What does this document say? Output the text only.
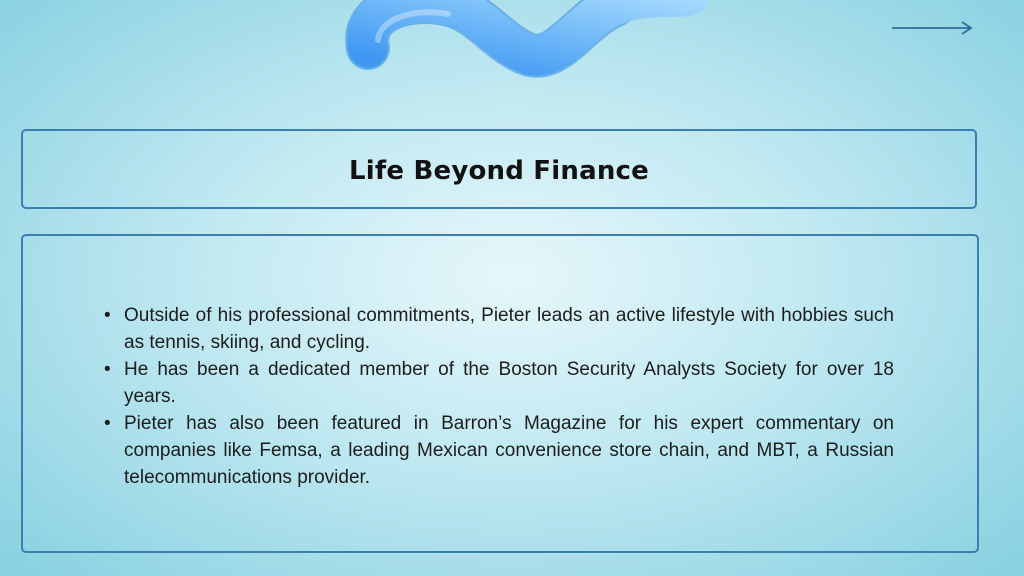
Life Beyond Finance
• Outside of his professional commitments, Pieter leads an active lifestyle with hobbies such as tennis, skiing, and cycling.
• He has been a dedicated member of the Boston Security Analysts Society for over 18 years.
• Pieter has also been featured in Barron’s Magazine for his expert commentary on companies like Femsa, a leading Mexican convenience store chain, and MBT, a Russian telecommunications provider.
